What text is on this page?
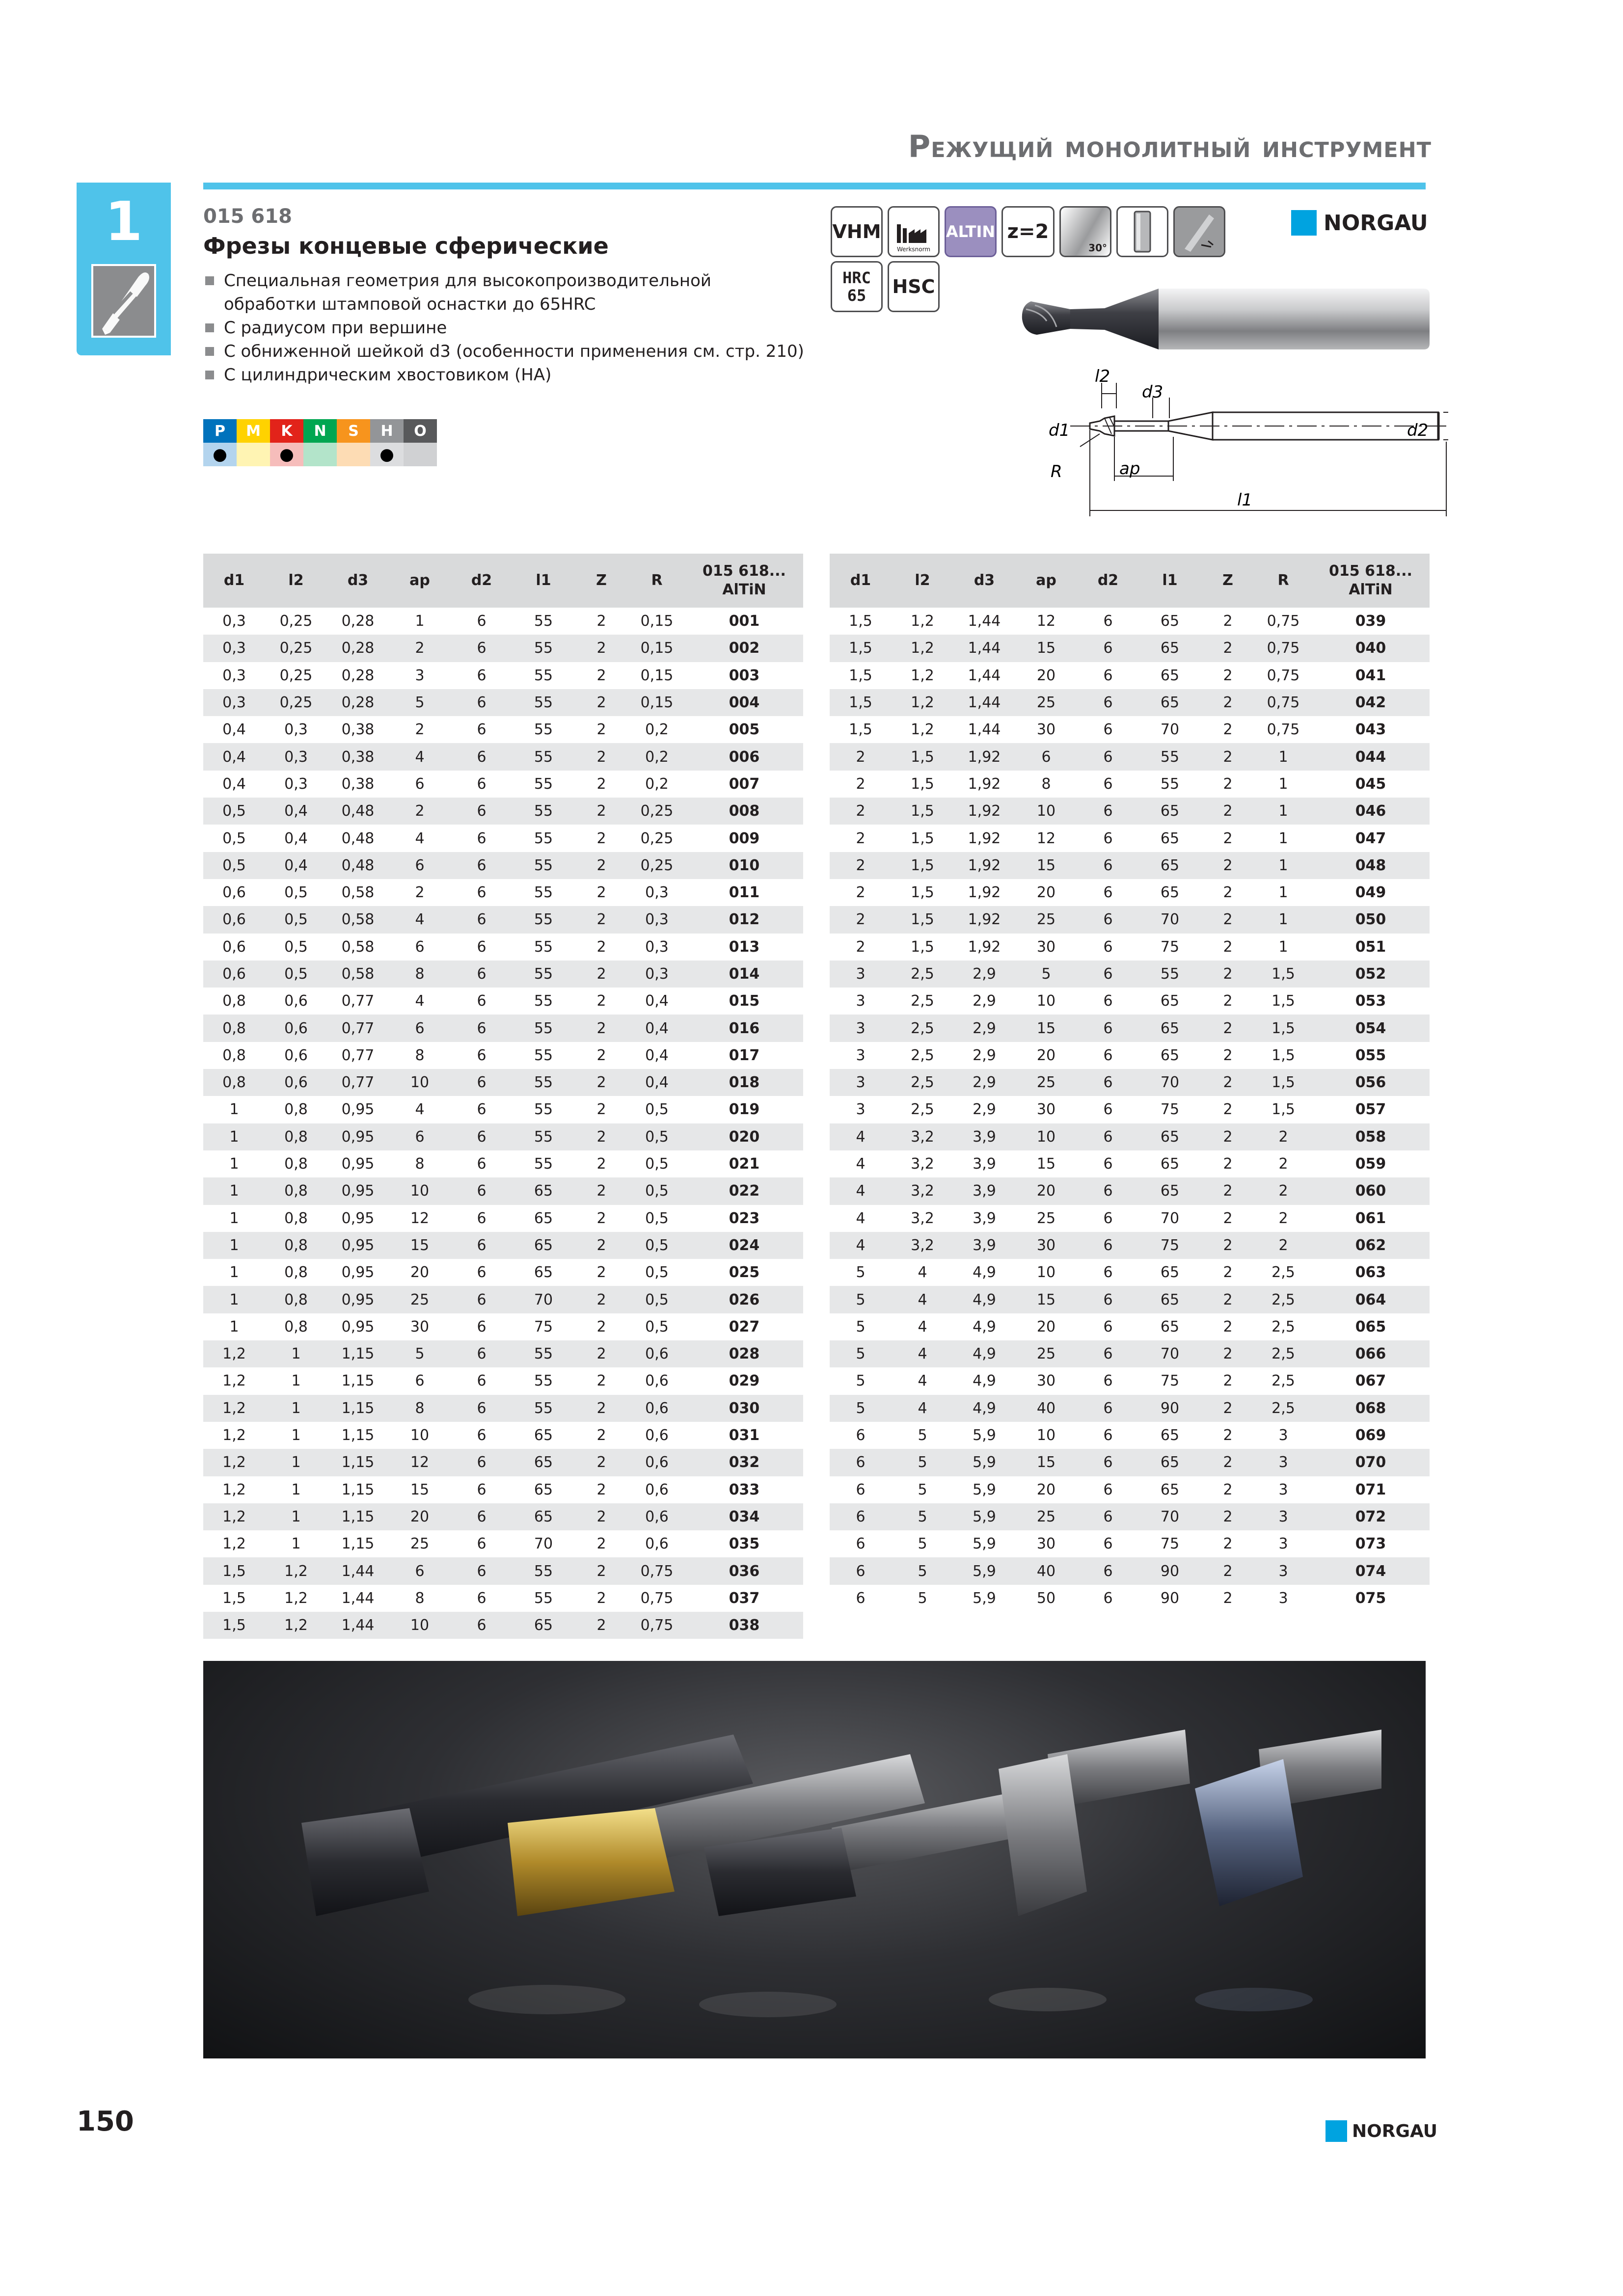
Режущий монолитный инструмент
1	015 618
Фрезы концевые сферические
Специальная геометрия для высокопроизводительной
обработки штамповой оснастки до 65HRC
С радиусом при вершине
С обниженной шейкой d3 (особенности применения см. стр. 210)
С цилиндрическим хвостовиком (HA)
P	M	K	N	S	H	O
●		●			●	
VHM
Werksnorm
ALTIN z=2
30°
HRC
65 HSC
NORGAU
l2
d3
d1	d2
R	ap
l1
d1	l2	d3	ap	d2	l1	Z	R	015 618...
AlTiN

0,3	0,25	0,28	1	6	55	2	0,15	001
0,3	0,25	0,28	2	6	55	2	0,15	002
0,3	0,25	0,28	3	6	55	2	0,15	003
0,3	0,25	0,28	5	6	55	2	0,15	004
0,4	0,3	0,38	2	6	55	2	0,2	005
0,4	0,3	0,38	4	6	55	2	0,2	006
0,4	0,3	0,38	6	6	55	2	0,2	007
0,5	0,4	0,48	2	6	55	2	0,25	008
0,5	0,4	0,48	4	6	55	2	0,25	009
0,5	0,4	0,48	6	6	55	2	0,25	010
0,6	0,5	0,58	2	6	55	2	0,3	011
0,6	0,5	0,58	4	6	55	2	0,3	012
0,6	0,5	0,58	6	6	55	2	0,3	013
0,6	0,5	0,58	8	6	55	2	0,3	014
0,8	0,6	0,77	4	6	55	2	0,4	015
0,8	0,6	0,77	6	6	55	2	0,4	016
0,8	0,6	0,77	8	6	55	2	0,4	017
0,8	0,6	0,77	10	6	55	2	0,4	018
1	0,8	0,95	4	6	55	2	0,5	019
1	0,8	0,95	6	6	55	2	0,5	020
1	0,8	0,95	8	6	55	2	0,5	021
1	0,8	0,95	10	6	65	2	0,5	022
1	0,8	0,95	12	6	65	2	0,5	023
1	0,8	0,95	15	6	65	2	0,5	024
1	0,8	0,95	20	6	65	2	0,5	025
1	0,8	0,95	25	6	70	2	0,5	026
1	0,8	0,95	30	6	75	2	0,5	027
1,2	1	1,15	5	6	55	2	0,6	028
1,2	1	1,15	6	6	55	2	0,6	029
1,2	1	1,15	8	6	55	2	0,6	030
1,2	1	1,15	10	6	65	2	0,6	031
1,2	1	1,15	12	6	65	2	0,6	032
1,2	1	1,15	15	6	65	2	0,6	033
1,2	1	1,15	20	6	65	2	0,6	034
1,2	1	1,15	25	6	70	2	0,6	035
1,5	1,2	1,44	6	6	55	2	0,75	036
1,5	1,2	1,44	8	6	55	2	0,75	037
1,5	1,2	1,44	10	6	65	2	0,75	038
d1	l2	d3	ap	d2	l1	Z	R	015 618...
AlTiN

1,5	1,2	1,44	12	6	65	2	0,75	039
1,5	1,2	1,44	15	6	65	2	0,75	040
1,5	1,2	1,44	20	6	65	2	0,75	041
1,5	1,2	1,44	25	6	65	2	0,75	042
1,5	1,2	1,44	30	6	70	2	0,75	043
2	1,5	1,92	6	6	55	2	1	044
2	1,5	1,92	8	6	55	2	1	045
2	1,5	1,92	10	6	65	2	1	046
2	1,5	1,92	12	6	65	2	1	047
2	1,5	1,92	15	6	65	2	1	048
2	1,5	1,92	20	6	65	2	1	049
2	1,5	1,92	25	6	70	2	1	050
2	1,5	1,92	30	6	75	2	1	051
3	2,5	2,9	5	6	55	2	1,5	052
3	2,5	2,9	10	6	65	2	1,5	053
3	2,5	2,9	15	6	65	2	1,5	054
3	2,5	2,9	20	6	65	2	1,5	055
3	2,5	2,9	25	6	70	2	1,5	056
3	2,5	2,9	30	6	75	2	1,5	057
4	3,2	3,9	10	6	65	2	2	058
4	3,2	3,9	15	6	65	2	2	059
4	3,2	3,9	20	6	65	2	2	060
4	3,2	3,9	25	6	70	2	2	061
4	3,2	3,9	30	6	75	2	2	062
5	4	4,9	10	6	65	2	2,5	063
5	4	4,9	15	6	65	2	2,5	064
5	4	4,9	20	6	65	2	2,5	065
5	4	4,9	25	6	70	2	2,5	066
5	4	4,9	30	6	75	2	2,5	067
5	4	4,9	40	6	90	2	2,5	068
6	5	5,9	10	6	65	2	3	069
6	5	5,9	15	6	65	2	3	070
6	5	5,9	20	6	65	2	3	071
6	5	5,9	25	6	70	2	3	072
6	5	5,9	30	6	75	2	3	073
6	5	5,9	40	6	90	2	3	074
6	5	5,9	50	6	90	2	3	075
150	NORGAU
